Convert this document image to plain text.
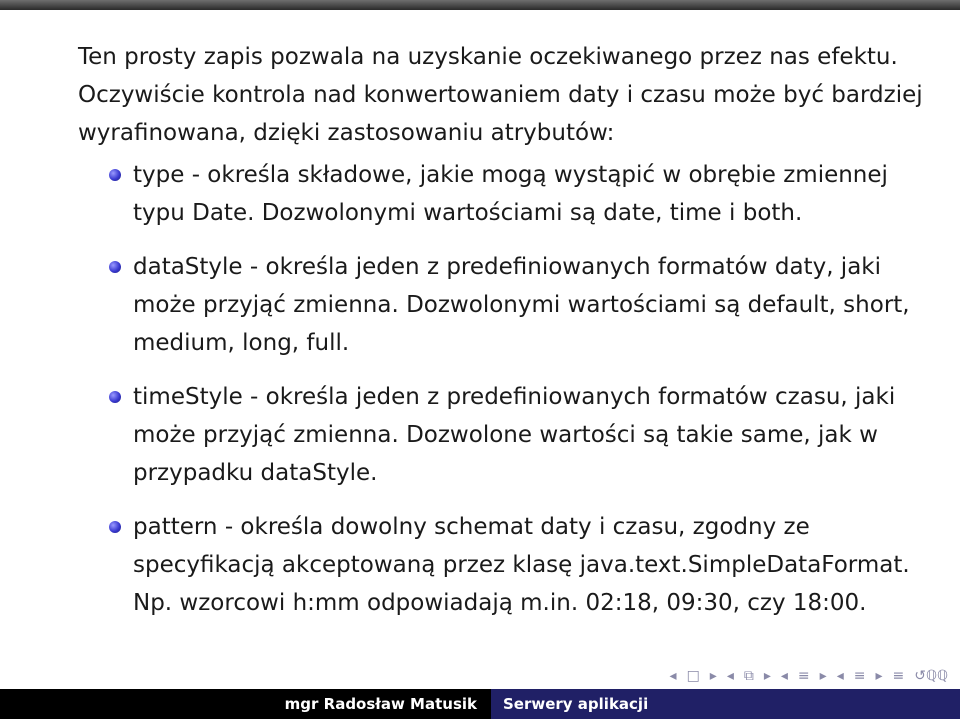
Ten prosty zapis pozwala na uzyskanie oczekiwanego przez nas efektu. Oczywiście kontrola nad konwertowaniem daty i czasu może być bardziej wyrafinowana, dzięki zastosowaniu atrybutów:

type - określa składowe, jakie mogą wystąpić w obrębie zmiennej typu Date. Dozwolonymi wartościami są date, time i both.
dataStyle - określa jeden z predefiniowanych formatów daty, jaki może przyjąć zmienna. Dozwolonymi wartościami są default, short, medium, long, full.
timeStyle - określa jeden z predefiniowanych formatów czasu, jaki może przyjąć zmienna. Dozwolone wartości są takie same, jak w przypadku dataStyle.
pattern - określa dowolny schemat daty i czasu, zgodny ze specyfikacją akceptowaną przez klasę java.text.SimpleDataFormat. Np. wzorcowi h:mm odpowiadają m.in. 02:18, 09:30, czy 18:00.
◂ □ ▸ ◂ ⧉ ▸ ◂ ≡ ▸ ◂ ≡ ▸ ≡ ↺ℚℚ
mgr Radosław Matusik	Serwery aplikacji
